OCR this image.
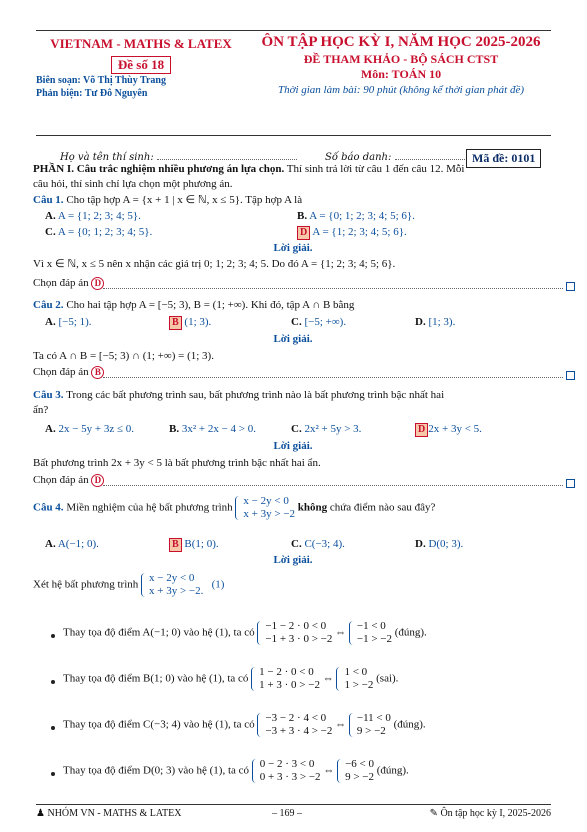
VIETNAM - MATHS & LATEX
Đề số 18
Biên soạn: Võ Thị Thùy Trang
Phản biện: Tư Đô Nguyên
ÔN TẬP HỌC KỲ I, NĂM HỌC 2025-2026
ĐỀ THAM KHẢO - BỘ SÁCH CTST
Môn: TOÁN 10
Thời gian làm bài: 90 phút (không kể thời gian phát đề)
Họ và tên thí sinh:	Số báo danh:	Mã đề: 0101
PHẦN I. Câu trắc nghiệm nhiều phương án lựa chọn. Thí sinh trả lời từ câu 1 đến câu 12. Mỗi
câu hỏi, thí sinh chỉ lựa chọn một phương án.
Câu 1. Cho tập hợp A = {x + 1 | x ∈ ℕ, x ≤ 5}. Tập hợp A là
A. A = {1; 2; 3; 4; 5}.	B. A = {0; 1; 2; 3; 4; 5; 6}.
C. A = {0; 1; 2; 3; 4; 5}.	D A = {1; 2; 3; 4; 5; 6}.
Lời giải.
Vì x ∈ ℕ, x ≤ 5 nên x nhận các giá trị 0; 1; 2; 3; 4; 5. Do đó A = {1; 2; 3; 4; 5; 6}.
Chọn đáp án D
Câu 2. Cho hai tập hợp A = [−5; 3), B = (1; +∞). Khi đó, tập A ∩ B bằng
A. [−5; 1).	B (1; 3).	C. [−5; +∞).	D. [1; 3).
Lời giải.
Ta có A ∩ B = [−5; 3) ∩ (1; +∞) = (1; 3).
Chọn đáp án B
Câu 3. Trong các bất phương trình sau, bất phương trình nào là bất phương trình bậc nhất hai
ẩn?
A. 2x − 5y + 3z ≤ 0.	B. 3x² + 2x − 4 > 0.	C. 2x² + 5y > 3.	D 2x + 3y < 5.
Lời giải.
Bất phương trình 2x + 3y < 5 là bất phương trình bậc nhất hai ẩn.
Chọn đáp án D
Câu 4. Miền nghiệm của hệ bất phương trình x − 2y < 0
x + 3y > −2 không chứa điểm nào sau đây?
A. A(−1; 0).	B B(1; 0).	C. C(−3; 4).	D. D(0; 3).
Lời giải.
Xét hệ bất phương trình x − 2y < 0
x + 3y > −2.   (1)
Thay tọa độ điểm A(−1; 0) vào hệ (1), ta có −1 − 2 · 0 < 0
−1 + 3 · 0 > −2 ⇔ −1 < 0
−1 > −2 (đúng).
Thay tọa độ điểm B(1; 0) vào hệ (1), ta có 1 − 2 · 0 < 0
1 + 3 · 0 > −2 ⇔ 1 < 0
1 > −2 (sai).
Thay tọa độ điểm C(−3; 4) vào hệ (1), ta có −3 − 2 · 4 < 0
−3 + 3 · 4 > −2 ⇔ −11 < 0
9 > −2 (đúng).
Thay tọa độ điểm D(0; 3) vào hệ (1), ta có 0 − 2 · 3 < 0
0 + 3 · 3 > −2 ⇔ −6 < 0
9 > −2 (đúng).
♟ NHÓM VN - MATHS & LATEX	– 169 –	✎ Ôn tập học kỳ I, 2025-2026
